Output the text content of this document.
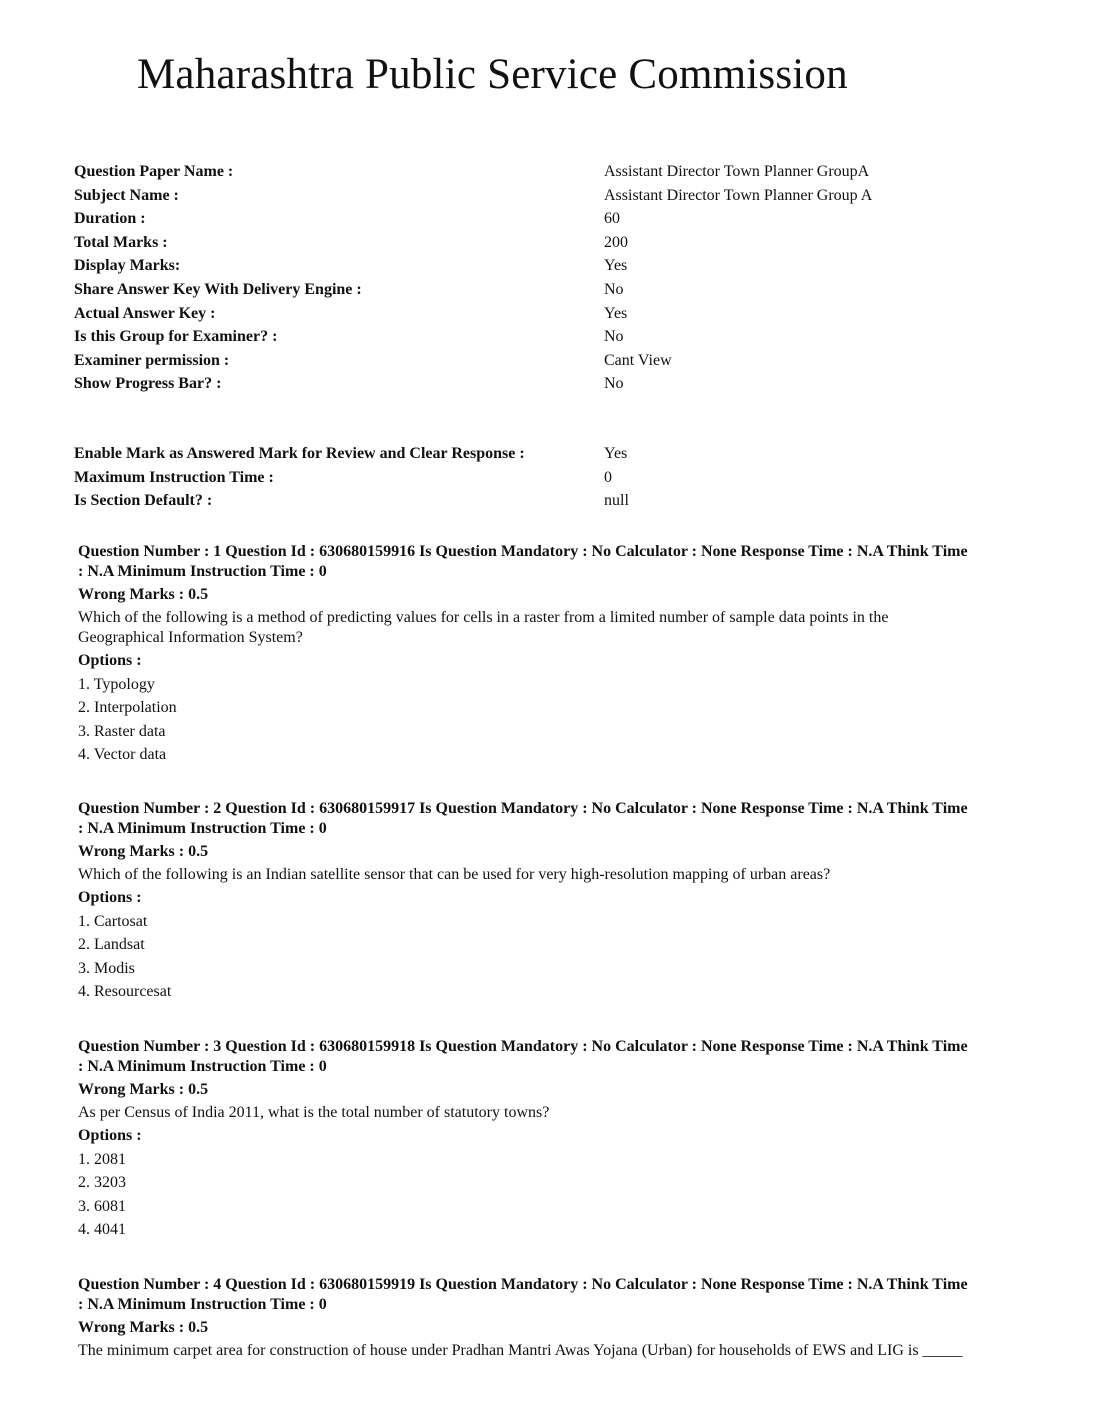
Maharashtra Public Service Commission
Question Paper Name :	Assistant Director Town Planner GroupA
Subject Name :	Assistant Director Town Planner Group A
Duration :	60
Total Marks :	200
Display Marks:	Yes
Share Answer Key With Delivery Engine :	No
Actual Answer Key :	Yes
Is this Group for Examiner? :	No
Examiner permission :	Cant View
Show Progress Bar? :	No
Enable Mark as Answered Mark for Review and Clear Response :	Yes
Maximum Instruction Time :	0
Is Section Default? :	null
Question Number : 1 Question Id : 630680159916 Is Question Mandatory : No Calculator : None Response Time : N.A Think Time
: N.A Minimum Instruction Time : 0
Wrong Marks : 0.5
Which of the following is a method of predicting values for cells in a raster from a limited number of sample data points in the
Geographical Information System?
Options :
1. Typology
2. Interpolation
3. Raster data
4. Vector data
Question Number : 2 Question Id : 630680159917 Is Question Mandatory : No Calculator : None Response Time : N.A Think Time
: N.A Minimum Instruction Time : 0
Wrong Marks : 0.5
Which of the following is an Indian satellite sensor that can be used for very high-resolution mapping of urban areas?
Options :
1. Cartosat
2. Landsat
3. Modis
4. Resourcesat
Question Number : 3 Question Id : 630680159918 Is Question Mandatory : No Calculator : None Response Time : N.A Think Time
: N.A Minimum Instruction Time : 0
Wrong Marks : 0.5
As per Census of India 2011, what is the total number of statutory towns?
Options :
1. 2081
2. 3203
3. 6081
4. 4041
Question Number : 4 Question Id : 630680159919 Is Question Mandatory : No Calculator : None Response Time : N.A Think Time
: N.A Minimum Instruction Time : 0
Wrong Marks : 0.5
The minimum carpet area for construction of house under Pradhan Mantri Awas Yojana (Urban) for households of EWS and LIG is _____
